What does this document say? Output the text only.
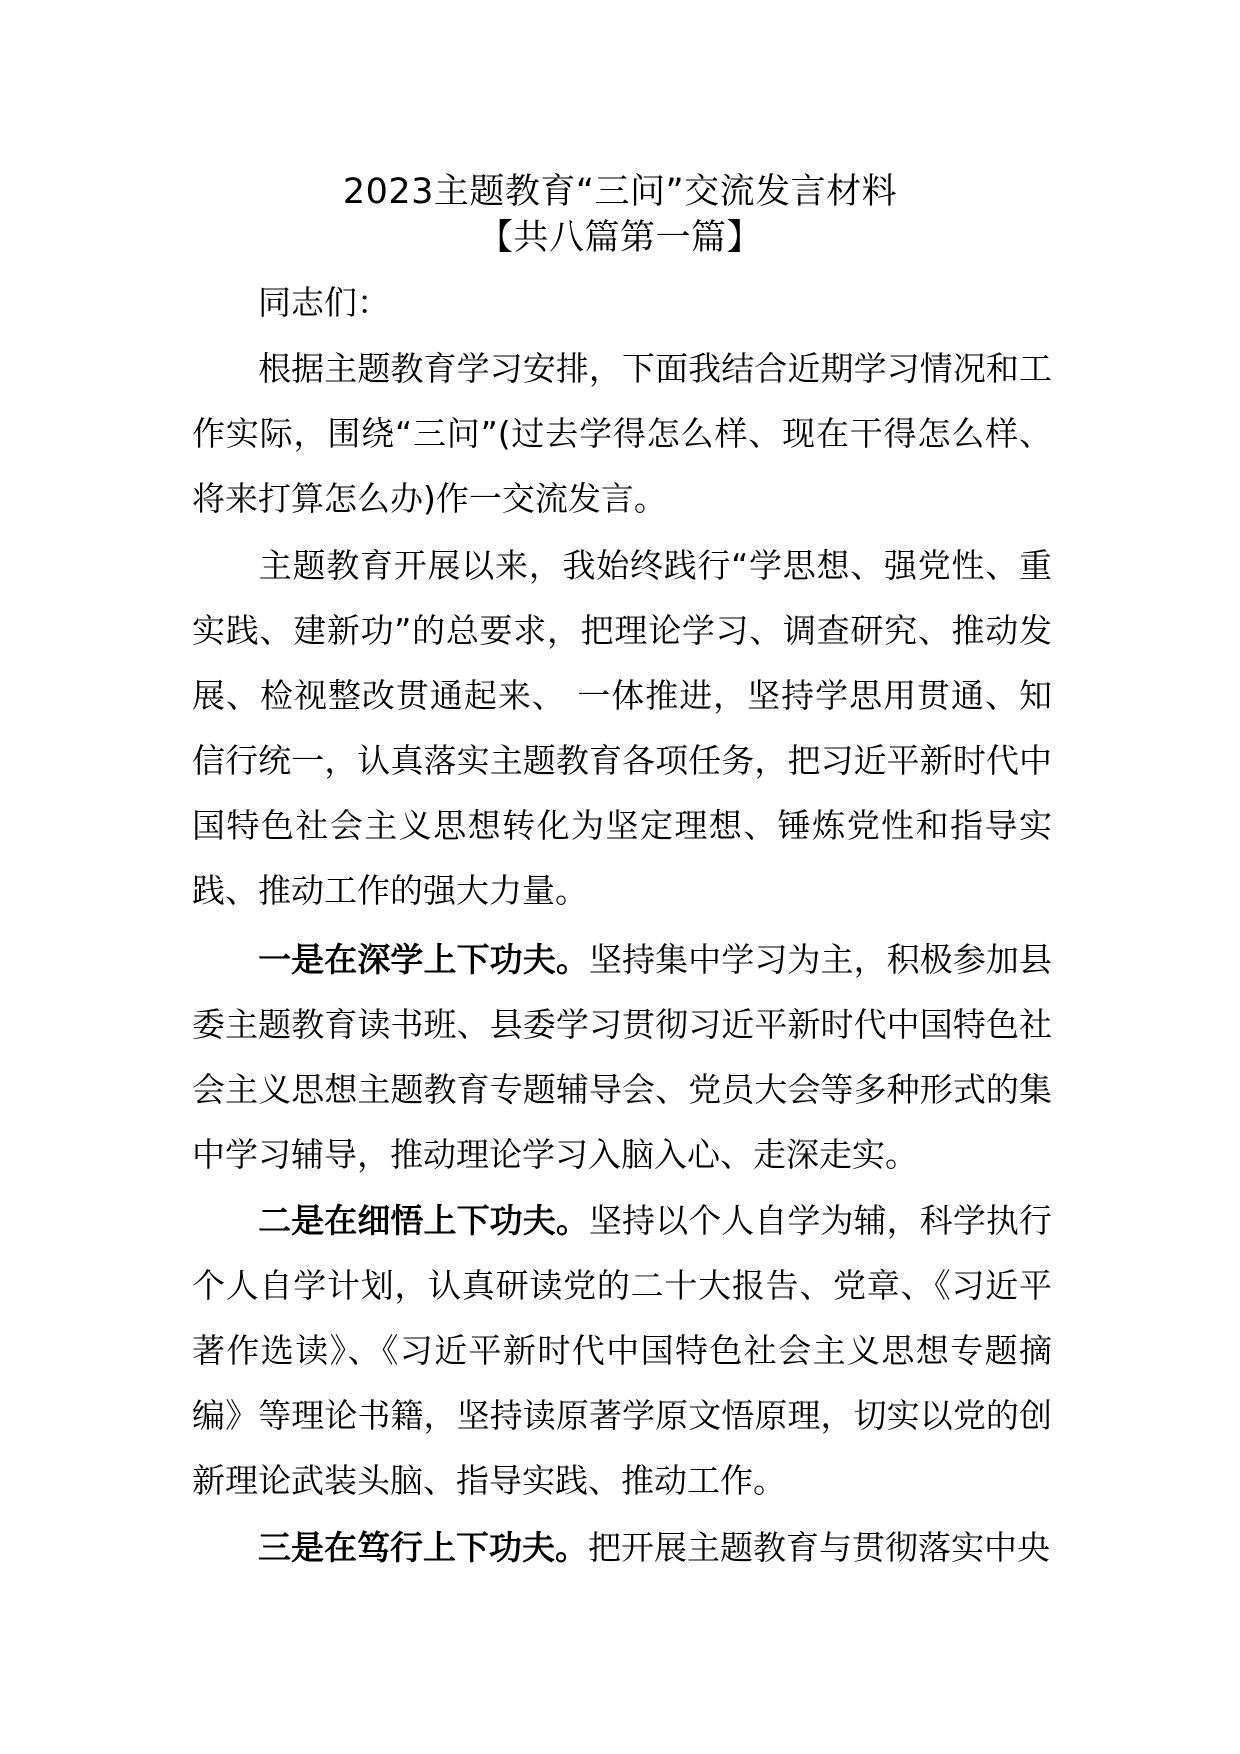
2023主题教育“三问”交流发言材料
【共八篇第一篇】
同志们：
根据主题教育学习安排，下面我结合近期学习情况和工作实际，围绕“三问”(过去学得怎么样、现在干得怎么样、将来打算怎么办)作一交流发言。
主题教育开展以来，我始终践行“学思想、强党性、重实践、建新功”的总要求，把理论学习、调查研究、推动发展、检视整改贯通起来、 一体推进，坚持学思用贯通、知信行统一，认真落实主题教育各项任务，把习近平新时代中国特色社会主义思想转化为坚定理想、锤炼党性和指导实践、推动工作的强大力量。
一是在深学上下功夫。坚持集中学习为主，积极参加县委主题教育读书班、县委学习贯彻习近平新时代中国特色社会主义思想主题教育专题辅导会、党员大会等多种形式的集中学习辅导，推动理论学习入脑入心、走深走实。
二是在细悟上下功夫。坚持以个人自学为辅，科学执行个人自学计划，认真研读党的二十大报告、党章、《习近平著作选读》、《习近平新时代中国特色社会主义思想专题摘编》等理论书籍，坚持读原著学原文悟原理，切实以党的创新理论武装头脑、指导实践、推动工作。
三是在笃行上下功夫。把开展主题教育与贯彻落实中央
